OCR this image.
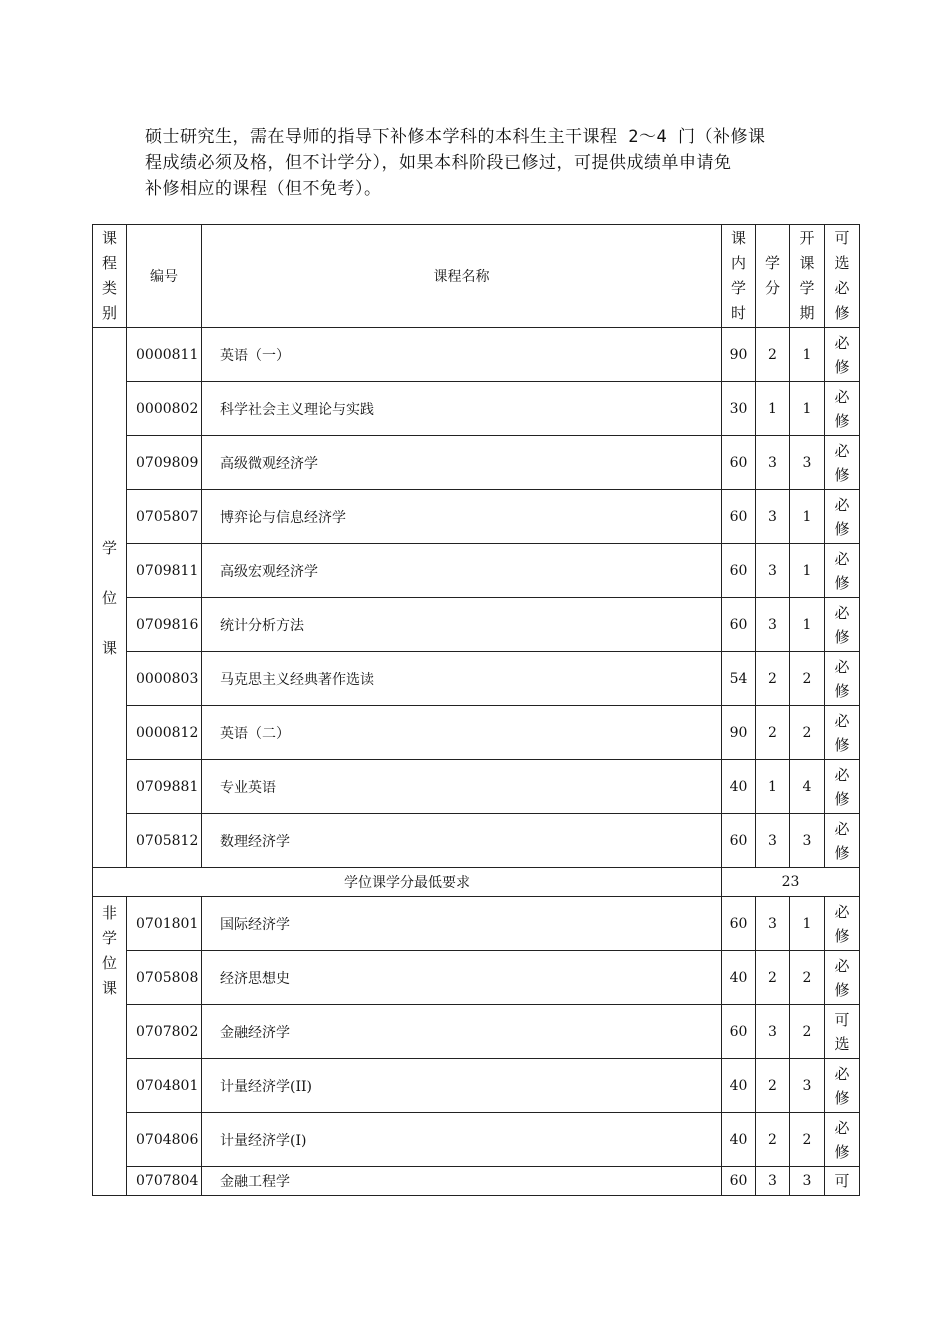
硕士研究生，需在导师的指导下补修本学科的本科生主干课程 2～4 门（补修课

程成绩必须及格，但不计学分），如果本科阶段已修过，可提供成绩单申请免

补修相应的课程（但不免考）。

课程类别	编号	课程名称	课内学时	学分	开课学期	可选必修
学位课	0000811	英语（一）	90	2	1	必修
	0000802	科学社会主义理论与实践	30	1	1	必修
	0709809	高级微观经济学	60	3	3	必修
	0705807	博弈论与信息经济学	60	3	1	必修
	0709811	高级宏观经济学	60	3	1	必修
	0709816	统计分析方法	60	3	1	必修
	0000803	马克思主义经典著作选读	54	2	2	必修
	0000812	英语（二）	90	2	2	必修
	0709881	专业英语	40	1	4	必修
	0705812	数理经济学	60	3	3	必修
学位课学分最低要求			23			
非学位课	0701801	国际经济学	60	3	1	必修
	0705808	经济思想史	40	2	2	必修
	0707802	金融经济学	60	3	2	可选
	0704801	计量经济学(II)	40	2	3	必修
	0704806	计量经济学(I)	40	2	2	必修
	0707804	金融工程学	60	3	3	可
